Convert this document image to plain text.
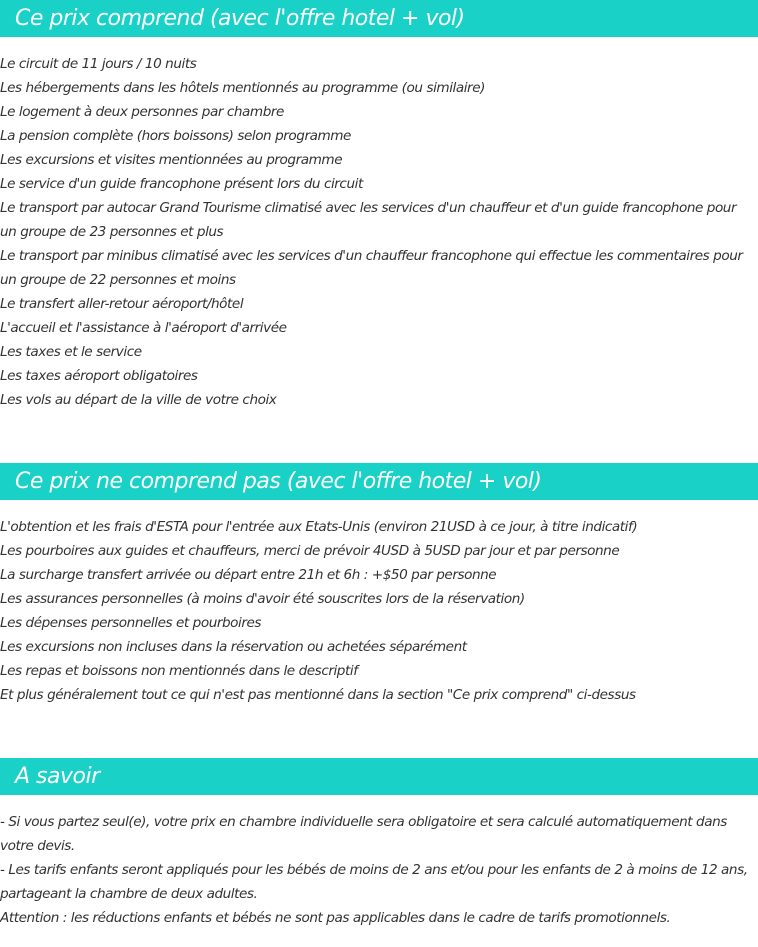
Ce prix comprend (avec l'offre hotel + vol)
Le circuit de 11 jours / 10 nuits
Les hébergements dans les hôtels mentionnés au programme (ou similaire)
Le logement à deux personnes par chambre
La pension complète (hors boissons) selon programme
Les excursions et visites mentionnées au programme
Le service d'un guide francophone présent lors du circuit
Le transport par autocar Grand Tourisme climatisé avec les services d'un chauffeur et d'un guide francophone pour un groupe de 23 personnes et plus
Le transport par minibus climatisé avec les services d'un chauffeur francophone qui effectue les commentaires pour un groupe de 22 personnes et moins
Le transfert aller-retour aéroport/hôtel
L'accueil et l'assistance à l'aéroport d'arrivée
Les taxes et le service
Les taxes aéroport obligatoires
Les vols au départ de la ville de votre choix
Ce prix ne comprend pas (avec l'offre hotel + vol)
L'obtention et les frais d'ESTA pour l'entrée aux Etats-Unis (environ 21USD à ce jour, à titre indicatif)
Les pourboires aux guides et chauffeurs, merci de prévoir 4USD à 5USD par jour et par personne
La surcharge transfert arrivée ou départ entre 21h et 6h : +$50 par personne
Les assurances personnelles (à moins d'avoir été souscrites lors de la réservation)
Les dépenses personnelles et pourboires
Les excursions non incluses dans la réservation ou achetées séparément
Les repas et boissons non mentionnés dans le descriptif
Et plus généralement tout ce qui n'est pas mentionné dans la section "Ce prix comprend" ci-dessus
A savoir
- Si vous partez seul(e), votre prix en chambre individuelle sera obligatoire et sera calculé automatiquement dans votre devis.
- Les tarifs enfants seront appliqués pour les bébés de moins de 2 ans et/ou pour les enfants de 2 à moins de 12 ans, partageant la chambre de deux adultes.
Attention : les réductions enfants et bébés ne sont pas applicables dans le cadre de tarifs promotionnels.
